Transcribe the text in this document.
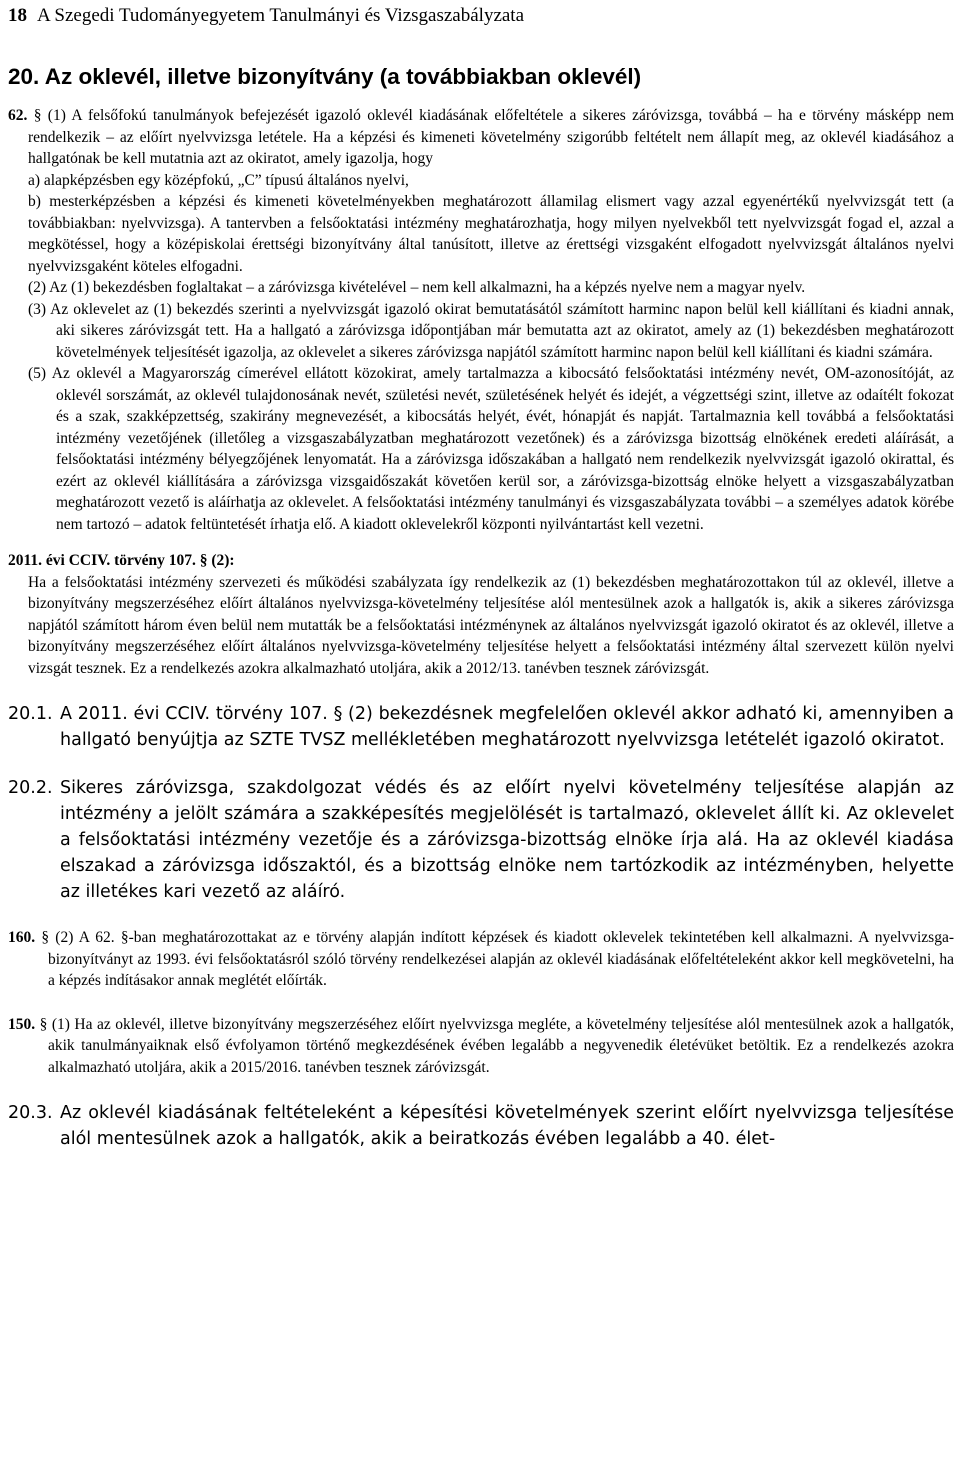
18 A Szegedi Tudományegyetem Tanulmányi és Vizsgaszabályzata
20. Az oklevél, illetve bizonyítvány (a továbbiakban oklevél)

62. § (1) A felsőfokú tanulmányok befejezését igazoló oklevél kiadásának előfeltétele a sikeres záróvizsga, továbbá – ha e törvény másképp nem rendelkezik – az előírt nyelvvizsga letétele. Ha a képzési és kimeneti követelmény szigorúbb feltételt nem állapít meg, az oklevél kiadásához a hallgatónak be kell mutatnia azt az okiratot, amely igazolja, hogy

a) alapképzésben egy középfokú, „C” típusú általános nyelvi,

b) mesterképzésben a képzési és kimeneti követelményekben meghatározott államilag elismert vagy azzal egyenértékű nyelvvizsgát tett (a továbbiakban: nyelvvizsga). A tantervben a felsőoktatási intézmény meghatározhatja, hogy milyen nyelvekből tett nyelvvizsgát fogad el, azzal a megkötéssel, hogy a középiskolai érettségi bizonyítvány által tanúsított, illetve az érettségi vizsgaként elfogadott nyelvvizsgát általános nyelvi nyelvvizsgaként köteles elfogadni.

(2) Az (1) bekezdésben foglaltakat – a záróvizsga kivételével – nem kell alkalmazni, ha a képzés nyelve nem a magyar nyelv.

(3) Az oklevelet az (1) bekezdés szerinti a nyelvvizsgát igazoló okirat bemutatásától számított harminc napon belül kell kiállítani és kiadni annak, aki sikeres záróvizsgát tett. Ha a hallgató a záróvizsga időpontjában már bemutatta azt az okiratot, amely az (1) bekezdésben meghatározott követelmények teljesítését igazolja, az oklevelet a sikeres záróvizsga napjától számított harminc napon belül kell kiállítani és kiadni számára.

(5) Az oklevél a Magyarország címerével ellátott közokirat, amely tartalmazza a kibocsátó felsőoktatási intézmény nevét, OM-azonosítóját, az oklevél sorszámát, az oklevél tulajdonosának nevét, születési nevét, születésének helyét és idejét, a végzettségi szint, illetve az odaítélt fokozat és a szak, szakképzettség, szakirány megnevezését, a kibocsátás helyét, évét, hónapját és napját. Tartalmaznia kell továbbá a felsőoktatási intézmény vezetőjének (illetőleg a vizsgaszabályzatban meghatározott vezetőnek) és a záróvizsga bizottság elnökének eredeti aláírását, a felsőoktatási intézmény bélyegzőjének lenyomatát. Ha a záróvizsga időszakában a hallgató nem rendelkezik nyelvvizsgát igazoló okirattal, és ezért az oklevél kiállítására a záróvizsga vizsgaidőszakát követően kerül sor, a záróvizsga-bizottság elnöke helyett a vizsgaszabályzatban meghatározott vezető is aláírhatja az oklevelet. A felsőoktatási intézmény tanulmányi és vizsgaszabályzata további – a személyes adatok körébe nem tartozó – adatok feltüntetését írhatja elő. A kiadott oklevelekről központi nyilvántartást kell vezetni.

2011. évi CCIV. törvény 107. § (2):

Ha a felsőoktatási intézmény szervezeti és működési szabályzata így rendelkezik az (1) bekezdésben meghatározottakon túl az oklevél, illetve a bizonyítvány megszerzéséhez előírt általános nyelvvizsga-követelmény teljesítése alól mentesülnek azok a hallgatók is, akik a sikeres záróvizsga napjától számított három éven belül nem mutatták be a felsőoktatási intézménynek az általános nyelvvizsgát igazoló okiratot és az oklevél, illetve a bizonyítvány megszerzéséhez előírt általános nyelvvizsga-követelmény teljesítése helyett a felsőoktatási intézmény által szervezett külön nyelvi vizsgát tesznek. Ez a rendelkezés azokra alkalmazható utoljára, akik a 2012/13. tanévben tesznek záróvizsgát.

20.1. A 2011. évi CCIV. törvény 107. § (2) bekezdésnek megfelelően oklevél akkor adható ki, amennyiben a hallgató benyújtja az SZTE TVSZ mellékletében meghatározott nyelvvizsga letételét igazoló okiratot.

20.2. Sikeres záróvizsga, szakdolgozat védés és az előírt nyelvi követelmény teljesítése alapján az intézmény a jelölt számára a szakképesítés megjelölését is tartalmazó, oklevelet állít ki. Az oklevelet a felsőoktatási intézmény vezetője és a záróvizsga-bizottság elnöke írja alá. Ha az oklevél kiadása elszakad a záróvizsga időszaktól, és a bizottság elnöke nem tartózkodik az intézményben, helyette az illetékes kari vezető az aláíró.

160. § (2) A 62. §-ban meghatározottakat az e törvény alapján indított képzések és kiadott oklevelek tekintetében kell alkalmazni. A nyelvvizsga-bizonyítványt az 1993. évi felsőoktatásról szóló törvény rendelkezései alapján az oklevél kiadásának előfeltételeként akkor kell megkövetelni, ha a képzés indításakor annak meglétét előírták.

150. § (1) Ha az oklevél, illetve bizonyítvány megszerzéséhez előírt nyelvvizsga megléte, a követelmény teljesítése alól mentesülnek azok a hallgatók, akik tanulmányaiknak első évfolyamon történő megkezdésének évében legalább a negyvenedik életévüket betöltik. Ez a rendelkezés azokra alkalmazható utoljára, akik a 2015/2016. tanévben tesznek záróvizsgát.

20.3. Az oklevél kiadásának feltételeként a képesítési követelmények szerint előírt nyelvvizsga teljesítése alól mentesülnek azok a hallgatók, akik a beiratkozás évében legalább a 40. élet-
